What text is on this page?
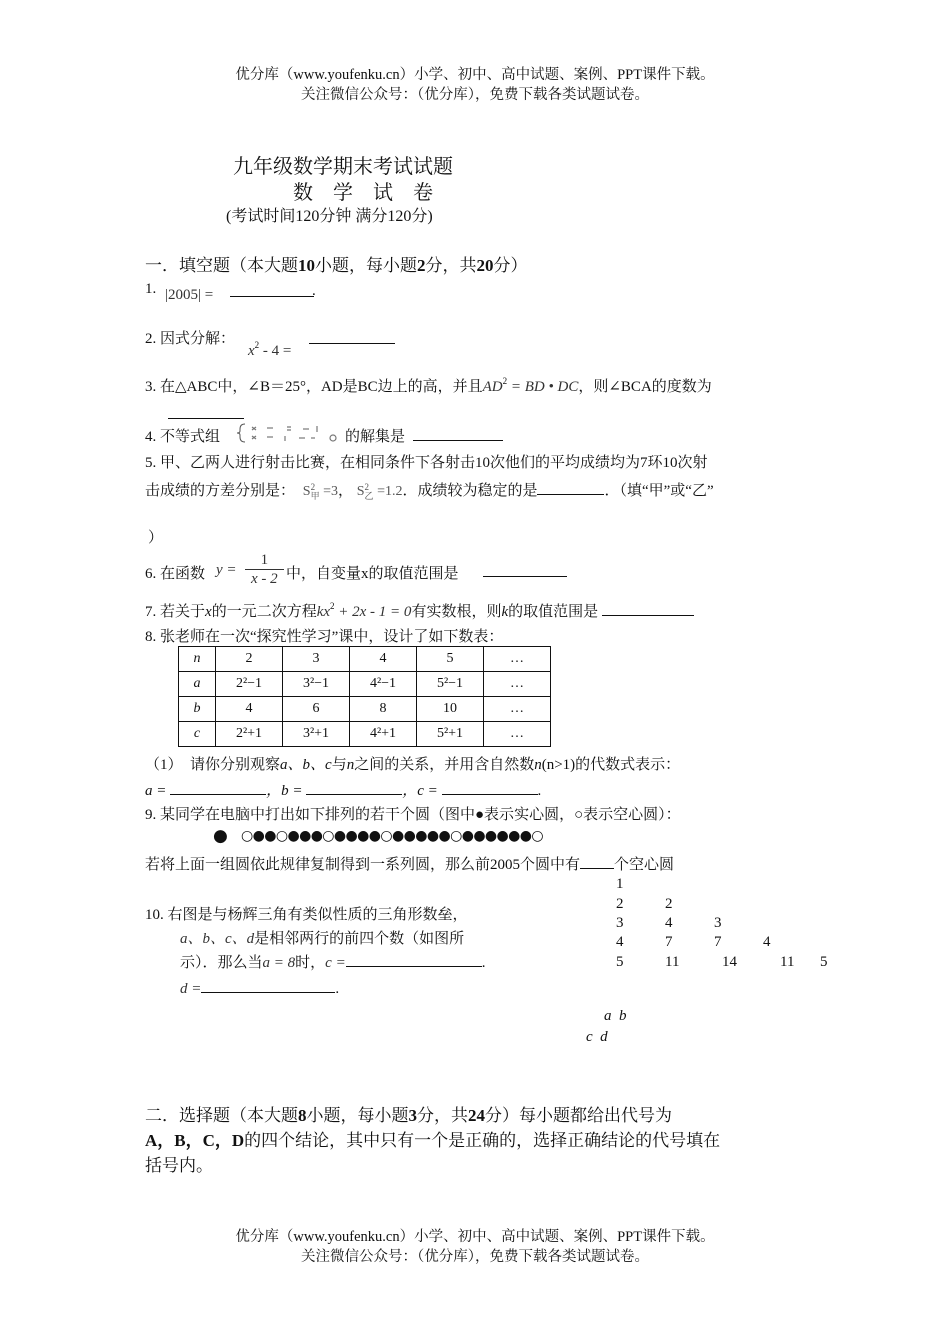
优分库（www.youfenku.cn）小学、初中、高中试题、案例、PPT课件下载。
关注微信公众号：（优分库），免费下载各类试题试卷。
九年级数学期末考试试题
数　学　试　卷
(考试时间120分钟 满分120分)
一．填空题（本大题10小题，每小题2分，共20分）
1. |2005| =	.
2. 因式分解：
$x^2 - 4$ =
3. 在△ABC中，∠B＝25°，AD是BC边上的高，并且$AD^2$ = BD • DC，则∠BCA的度数为
4. 不等式组	的解集是
5. 甲、乙两人进行射击比赛，在相同条件下各射击10次他们的平均成绩均为7环10次射
击成绩的方差分别是： S 2
甲 =3， S 2
乙 =1.2．成绩较为稳定的是	．（填“甲”或“乙”
）
6. 在函数 y =
1
x - 2 中，自变量x的取值范围是
7. 若关于x的一元二次方程$kx^2 + 2x - 1 = 0$有实数根，则k的取值范围是
8. 张老师在一次“探究性学习”课中，设计了如下数表：
n	2	3	4	5	…
a	2²−1	3²−1	4²−1	5²−1	…
b	4	6	8	10	…
c	2²+1	3²+1	4²+1	5²+1	…
（1）　请你分别观察a、b、c与n之间的关系，并用含自然数n(n>1)的代数式表示：
a =	，b =	，c =	.
9. 某同学在电脑中打出如下排列的若干个圆（图中●表示实心圆，○表示空心圆）：
● ○●●○●●●○●●●●○●●●●●○●●●●●●○
若将上面一组圆依此规律复制得到一系列圆，那么前2005个圆中有 个空心圆
10. 右图是与杨辉三角有类似性质的三角形数垒，
a、b、c、d是相邻两行的前四个数（如图所
示）．那么当a = 8时，c =	.
d =	.
1
2	2
3	4	3
4	7	7	4
5	11	14	11 5
a  b
c  d
二．选择题（本大题8小题，每小题3分，共24分）每小题都给出代号为
A，B，C，D的四个结论，其中只有一个是正确的，选择正确结论的代号填在
括号内。
优分库（www.youfenku.cn）小学、初中、高中试题、案例、PPT课件下载。
关注微信公众号：（优分库），免费下载各类试题试卷。
